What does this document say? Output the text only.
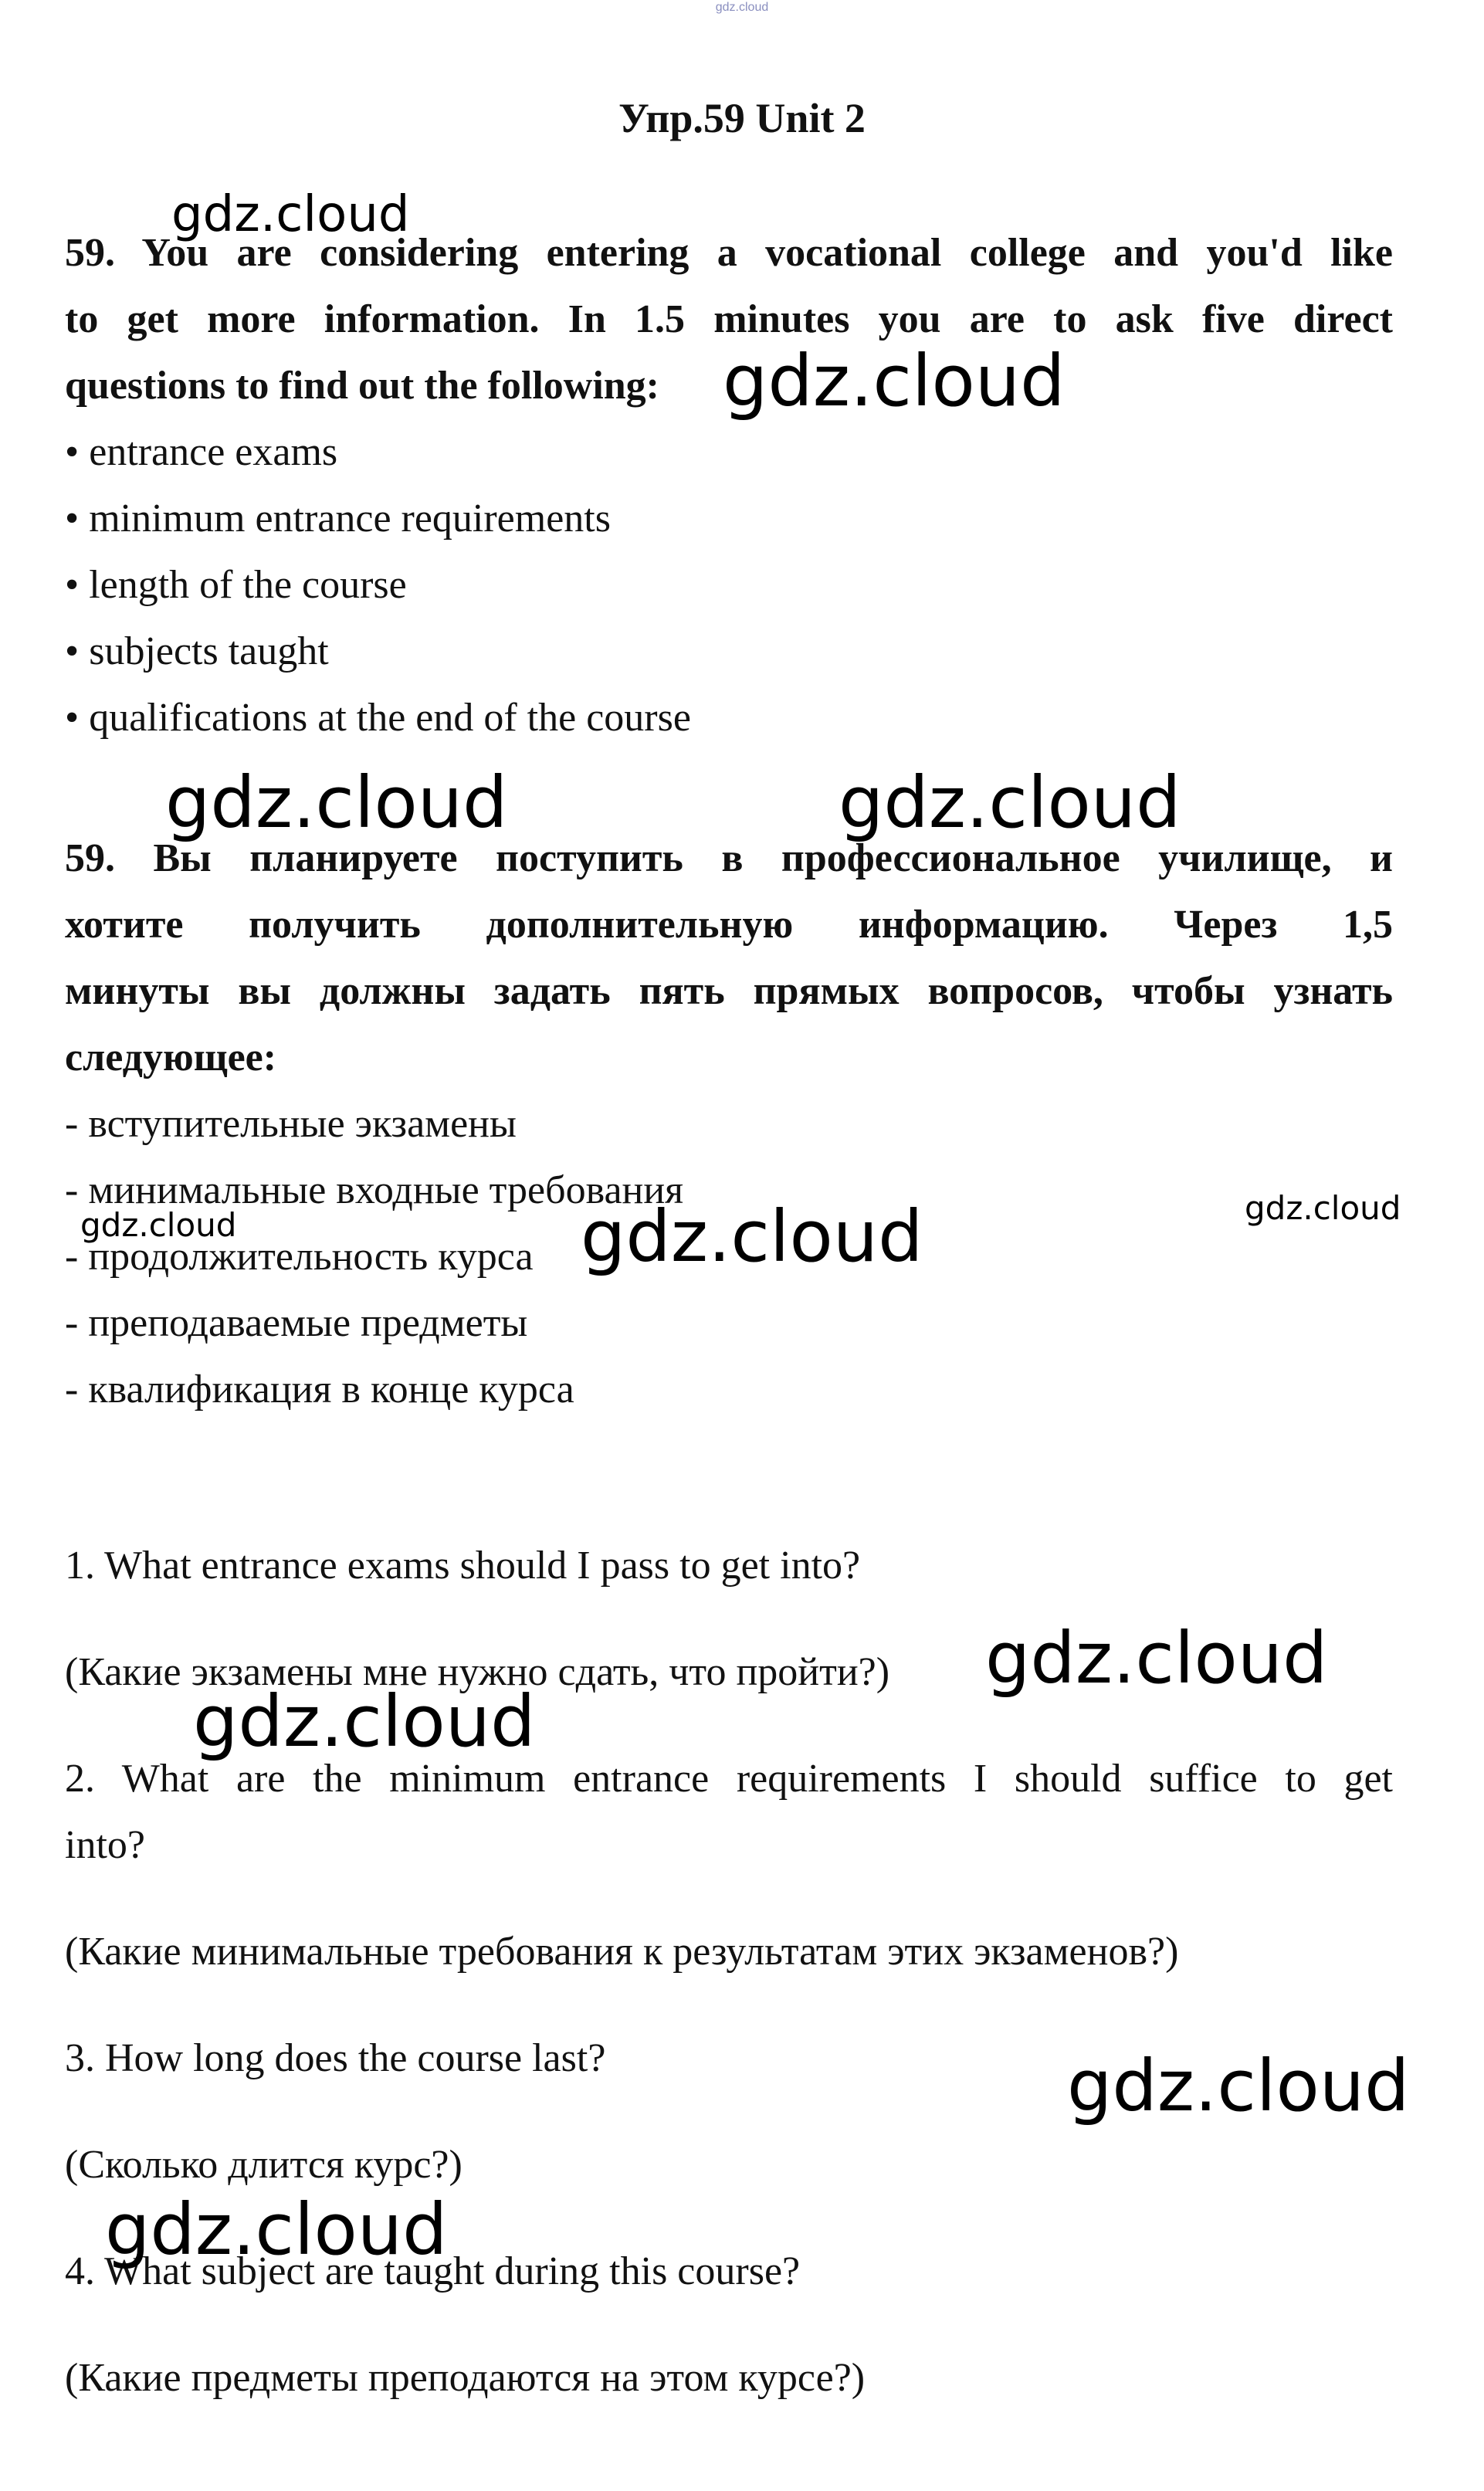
gdz.cloud
Упр.59 Unit 2
59. You are considering entering a vocational college and you'd like
to get more information. In 1.5 minutes you are to ask five direct
questions to find out the following:
• entrance exams
• minimum entrance requirements
• length of the course
• subjects taught
• qualifications at the end of the course
59. Вы планируете поступить в профессиональное училище, и
хотите получить дополнительную информацию. Через 1,5
минуты вы должны задать пять прямых вопросов, чтобы узнать
следующее:
- вступительные экзамены
- минимальные входные требования
- продолжительность курса
- преподаваемые предметы
- квалификация в конце курса
1. What entrance exams should I pass to get into?
(Какие экзамены мне нужно сдать, что пройти?)
2. What are the minimum entrance requirements I should suffice to get
into?
(Какие минимальные требования к результатам этих экзаменов?)
3. How long does the course last?
(Сколько длится курс?)
4. What subject are taught during this course?
(Какие предметы преподаются на этом курсе?)
gdz.cloud
gdz.cloud
gdz.cloud	gdz.cloud
gdz.cloud	gdz.cloud	gdz.cloud
gdz.cloud
gdz.cloud
gdz.cloud
gdz.cloud
